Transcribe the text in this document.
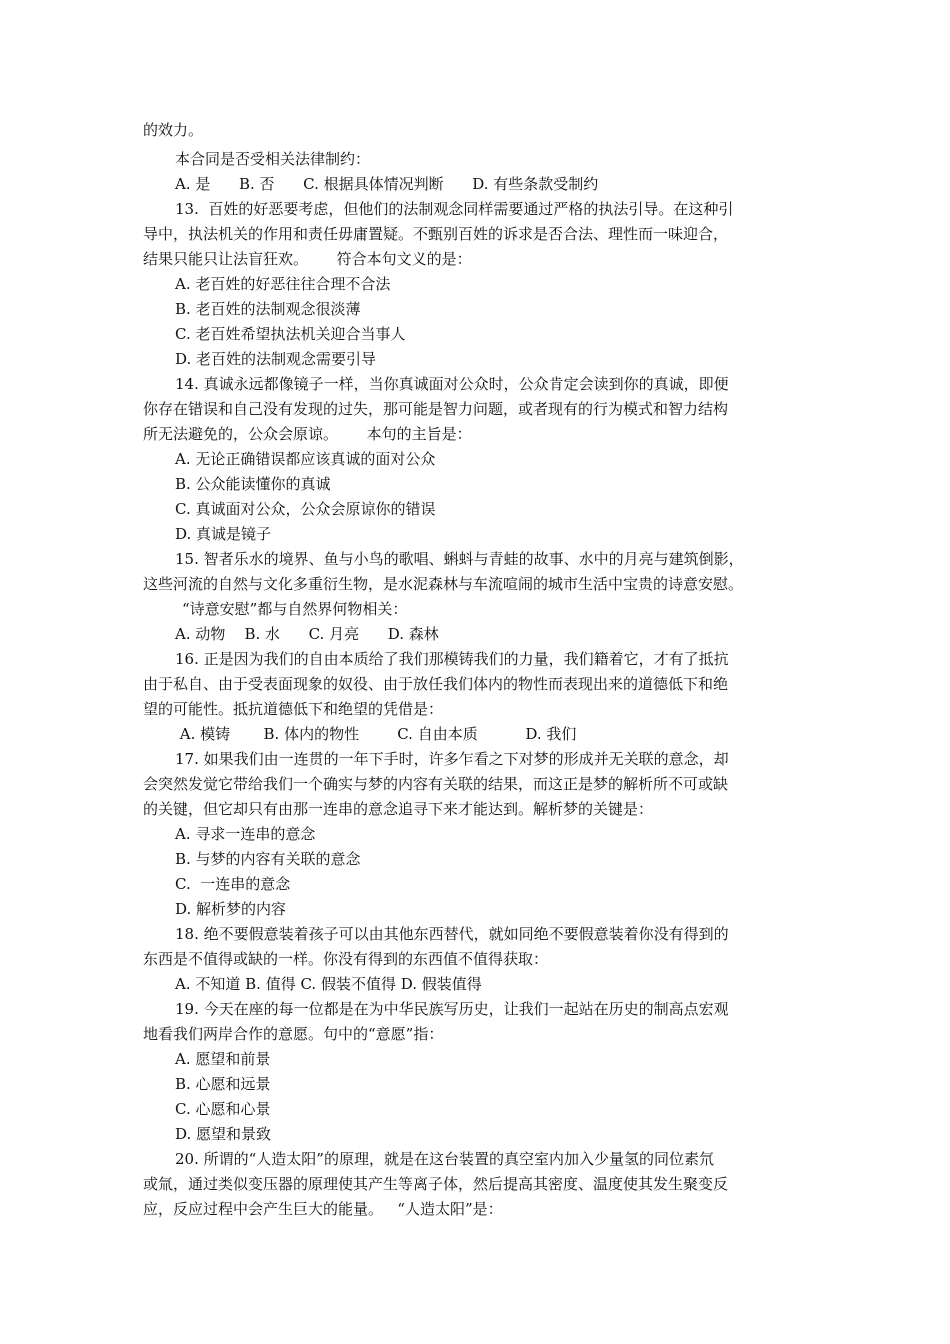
的效力。
本合同是否受相关法律制约：
A. 是      B. 否      C. 根据具体情况判断      D. 有些条款受制约
13.  百姓的好恶要考虑，但他们的法制观念同样需要通过严格的执法引导。在这种引
导中，执法机关的作用和责任毋庸置疑。不甄别百姓的诉求是否合法、理性而一味迎合，
结果只能只让法盲狂欢。      符合本句文义的是：
A. 老百姓的好恶往往合理不合法
B. 老百姓的法制观念很淡薄
C. 老百姓希望执法机关迎合当事人
D. 老百姓的法制观念需要引导
14. 真诚永远都像镜子一样，当你真诚面对公众时，公众肯定会读到你的真诚，即便
你存在错误和自己没有发现的过失，那可能是智力问题，或者现有的行为模式和智力结构
所无法避免的，公众会原谅。      本句的主旨是：
A. 无论正确错误都应该真诚的面对公众
B. 公众能读懂你的真诚
C. 真诚面对公众，公众会原谅你的错误
D. 真诚是镜子
15. 智者乐水的境界、鱼与小鸟的歌唱、蝌蚪与青蛙的故事、水中的月亮与建筑倒影，
这些河流的自然与文化多重衍生物，是水泥森林与车流喧闹的城市生活中宝贵的诗意安慰。
“诗意安慰”都与自然界何物相关：
A. 动物    B. 水      C. 月亮      D. 森林
16. 正是因为我们的自由本质给了我们那模铸我们的力量，我们籍着它，才有了抵抗
由于私自、由于受表面现象的奴役、由于放任我们体内的物性而表现出来的道德低下和绝
望的可能性。抵抗道德低下和绝望的凭借是：
A. 模铸       B. 体内的物性        C. 自由本质          D. 我们
17. 如果我们由一连贯的一年下手时，许多乍看之下对梦的形成并无关联的意念，却
会突然发觉它带给我们一个确实与梦的内容有关联的结果，而这正是梦的解析所不可或缺
的关键，但它却只有由那一连串的意念追寻下来才能达到。解析梦的关键是：
A. 寻求一连串的意念
B. 与梦的内容有关联的意念
C.  一连串的意念
D. 解析梦的内容
18. 绝不要假意装着孩子可以由其他东西替代，就如同绝不要假意装着你没有得到的
东西是不值得或缺的一样。你没有得到的东西值不值得获取：
A. 不知道 B. 值得 C. 假装不值得 D. 假装值得
19. 今天在座的每一位都是在为中华民族写历史，让我们一起站在历史的制高点宏观
地看我们两岸合作的意愿。句中的“意愿”指：
A. 愿望和前景
B. 心愿和远景
C. 心愿和心景
D. 愿望和景致
20. 所谓的“人造太阳”的原理，就是在这台装置的真空室内加入少量氢的同位素氘
或氚，通过类似变压器的原理使其产生等离子体，然后提高其密度、温度使其发生聚变反
应，反应过程中会产生巨大的能量。   “人造太阳”是：
